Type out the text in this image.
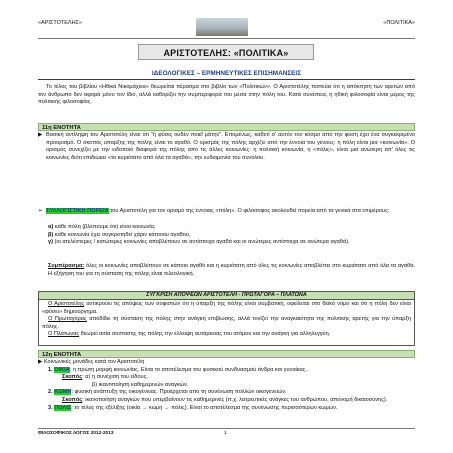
«ΑΡΙΣΤΟΤΕΛΗΣ»	«ΠΟΛΙΤΙΚΑ»
ΑΡΙΣΤΟΤΕΛΗΣ: «ΠΟΛΙΤΙΚΑ»
ΙΔΕΟΛΟΓΙΚΕΣ – ΕΡΜΗΝΕΥΤΙΚΕΣ ΕΠΙΣΗΜΑΝΣΕΙΣ
Το τέλος του βιβλίου «Ηθικά Νικομάχεια» θεωρείται πέρασμα στο βιβλίο των «Πολιτικών». Ο Αριστοτέλης πιστεύει ότι η απόκτηση των αρετών από τον άνθρωπο δεν αφορά μόνο τον ίδιο, αλλά καθορίζει την συμπεριφορά του μέσα στην πόλη του. Κατά συνέπεια, η ηθική φιλοσοφία είναι μέρος της πολιτικής φιλοσοφίας.
11η ΕΝΟΤΗΤΑ
▶ Βασική αντίληψη του Αριστοτέλη είναι ότι "ἡ φύσις οὐδὲν ποιεῖ μάτην". Επομένως, καθετί σ' αυτόν τον κόσμο από την φύση έχει ένα συγκεκριμένο προορισμό. Ο σκοπός ύπαρξης της πόλης είναι το αγαθό. Ο ορισμός της πόλης αρχίζει από την έννοια του γένους: η πόλη είναι μια «κοινωνία». Ο ορισμός συνεχίζει με την ειδοποιό διαφορά της πόλης από τις άλλες κοινωνίες: η πολιτική κοινωνία, η «πόλις», είναι μια ανώτερη απ' όλες τις κοινωνίες διότι επιδιώκει «το κυριότατο από όλα τα αγαθά», την ευδαιμονία του συνόλου.
➢ ΣΥΛΛΟΓΙΣΤΙΚΗ ΠΟΡΕΙΑ του Αριστοτέλη για τον ορισμό της έννοιας «πόλη». Ο φιλόσοφος ακολουθεί πορεία από τα γενικά στα επιμέρους:
α) κάθε πόλη (βλέπουμε ότι) είναι κοινωνία,
β) κάθε κοινωνία έχει συγκροτηθεί χάριν κάποιου αγαθού,
γ) (οι ατελέστερες / κατώτερες κοινωνίες αποβλέπουν σε αντίστοιχα αγαθά και οι ανώτερες αντίστοιχα σε ανώτερα αγαθά).
Συμπέρασμα: όλες οι κοινωνίες αποβλέπουν σε κάποιο αγαθό και η κυριότατη από όλες τις κοινωνίες αποβλέπει στο κυριότατο από όλα τα αγαθά. Η εξήγηση του για τη σύσταση της πόλης είναι τελεολογική.
ΣΥΓΚΡΙΣΗ ΑΠΟΨΕΩΝ ΑΡΙΣΤΟΤΕΛΗ - ΠΡΩΤΑΓΟΡΑ – ΠΛΑΤΩΝΑ
Ο Αριστοτέλης αντικρούει τις απόψεις των σοφιστών ότι η ύπαρξη της πόλης είναι συμβατική, οφείλεται στο θεϊκό νόμο και ότι η πόλη δεν είναι «φύσει» δημιούργημα.
Ο Πρωταγόρας αποδίδει τη σύσταση της πόλης στην ανάγκη επιβίωσης, αλλά τονίζει την αναγκαιότητα της πολιτικής αρετής για την ύπαρξη πόλης.
Ο Πλάτωνας θεωρεί αιτία σύστασης της πόλης την έλλειψη αυτάρκειας του ατόμου και την ανάγκη για αλληλεγγύη.
12η ΕΝΟΤΗΤΑ
▶ Κοινωνικές μονάδες κατά τον Αριστοτέλη
1. ΟΙΚΙΑ: η πρώτη μορφή κοινωνίας. Είναι το αποτέλεσμα του φυσικού συνδυασμού άνδρα και γυναίκας.
Σκοπός: α) η συνέχιση του είδους,
β) ικανοποίηση καθημερινών αναγκών.
2. ΚΩΜΗ: φυσική ανάπτυξη της οικογένειας. Προέρχεται από τη συνένωση πολλών οικογενειών.
Σκοπός: ικανοποίηση αναγκών που υπερβαίνουν τις καθημερινές (π.χ. λατρευτικές ανάγκες του ανθρώπου, απονομή δικαιοσύνης).
3. ΠΟΛΙΣ: το τέλος της εξέλιξης (οικία → κώμη → πόλις). Είναι το αποτέλεσμα της συνένωσης περισσότερων κωμών.
ΦΙΛΟΣΟΦΙΚΟΣ ΛΟΓΟΣ 2012-2013	1
